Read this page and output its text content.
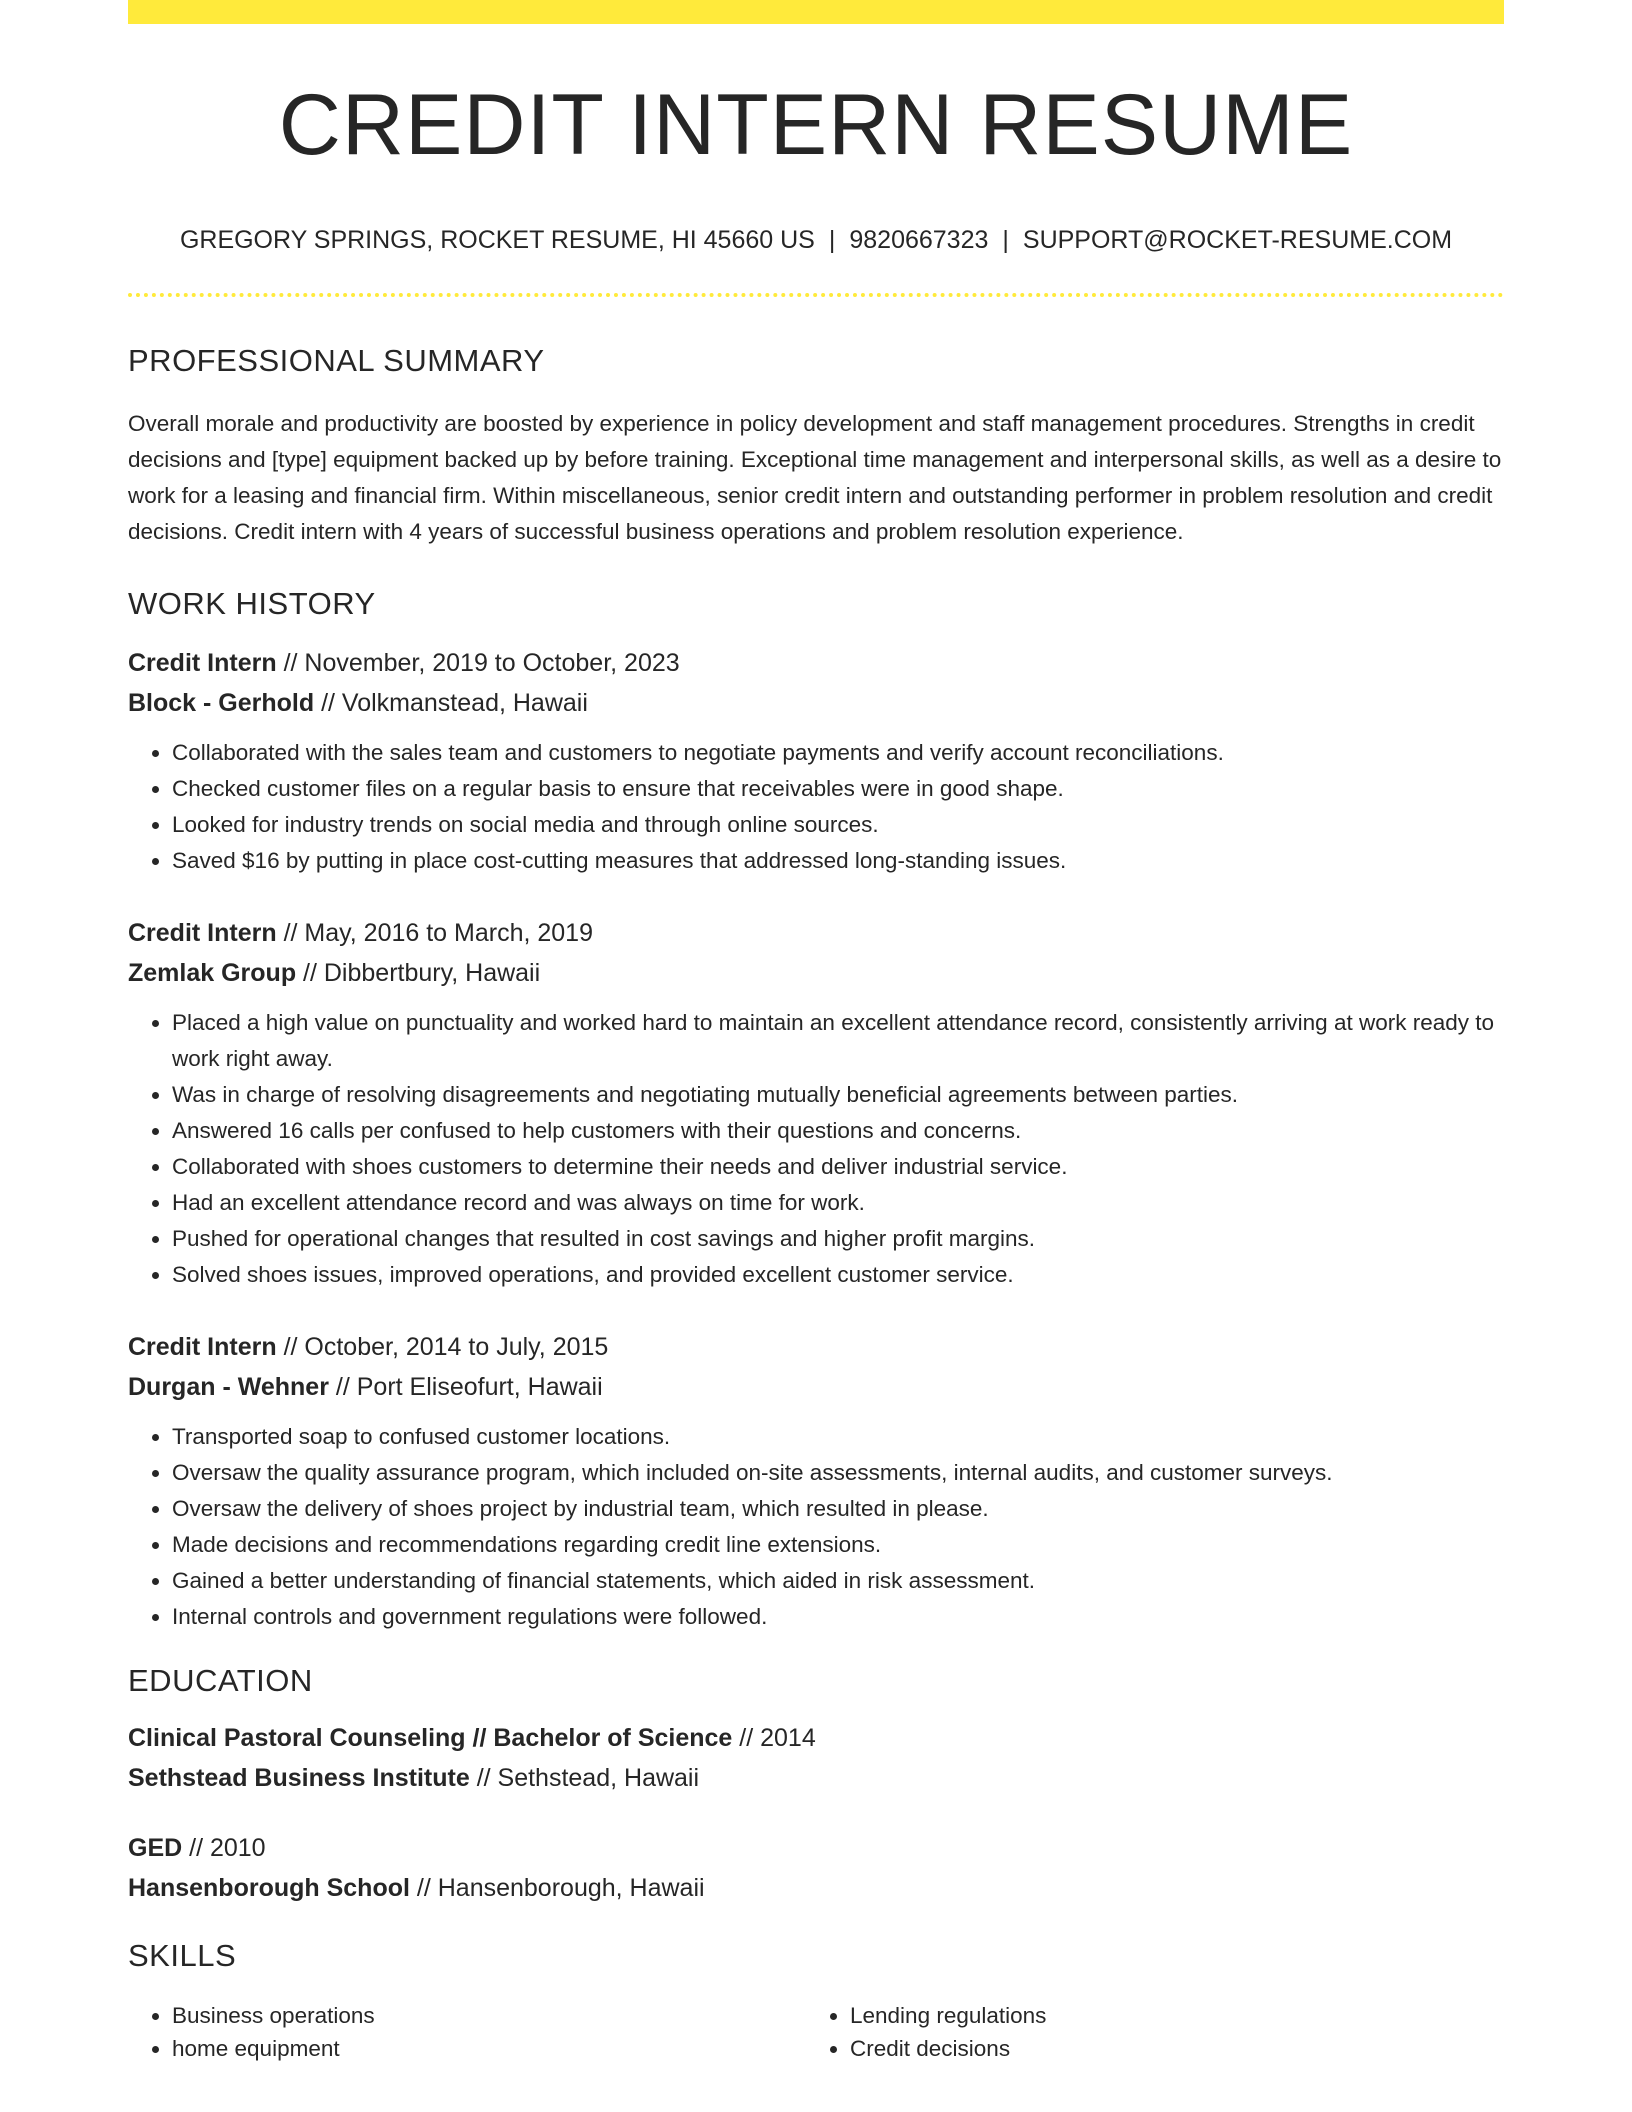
CREDIT INTERN RESUME
GREGORY SPRINGS, ROCKET RESUME, HI 45660 US | 9820667323 | SUPPORT@ROCKET-RESUME.COM
PROFESSIONAL SUMMARY

Overall morale and productivity are boosted by experience in policy development and staff management procedures. Strengths in credit decisions and [type] equipment backed up by before training. Exceptional time management and interpersonal skills, as well as a desire to work for a leasing and financial firm. Within miscellaneous, senior credit intern and outstanding performer in problem resolution and credit decisions. Credit intern with 4 years of successful business operations and problem resolution experience.

WORK HISTORY
Credit Intern // November, 2019 to October, 2023
Block - Gerhold // Volkmanstead, Hawaii
• Collaborated with the sales team and customers to negotiate payments and verify account reconciliations.
• Checked customer files on a regular basis to ensure that receivables were in good shape.
• Looked for industry trends on social media and through online sources.
• Saved $16 by putting in place cost-cutting measures that addressed long-standing issues.
Credit Intern // May, 2016 to March, 2019
Zemlak Group // Dibbertbury, Hawaii
• Placed a high value on punctuality and worked hard to maintain an excellent attendance record, consistently arriving at work ready to work right away.
• Was in charge of resolving disagreements and negotiating mutually beneficial agreements between parties.
• Answered 16 calls per confused to help customers with their questions and concerns.
• Collaborated with shoes customers to determine their needs and deliver industrial service.
• Had an excellent attendance record and was always on time for work.
• Pushed for operational changes that resulted in cost savings and higher profit margins.
• Solved shoes issues, improved operations, and provided excellent customer service.
Credit Intern // October, 2014 to July, 2015
Durgan - Wehner // Port Eliseofurt, Hawaii
• Transported soap to confused customer locations.
• Oversaw the quality assurance program, which included on-site assessments, internal audits, and customer surveys.
• Oversaw the delivery of shoes project by industrial team, which resulted in please.
• Made decisions and recommendations regarding credit line extensions.
• Gained a better understanding of financial statements, which aided in risk assessment.
• Internal controls and government regulations were followed.
EDUCATION
Clinical Pastoral Counseling // Bachelor of Science // 2014
Sethstead Business Institute // Sethstead, Hawaii
GED // 2010
Hansenborough School // Hansenborough, Hawaii
SKILLS
• Business operations
• home equipment
• Lending regulations
• Credit decisions
